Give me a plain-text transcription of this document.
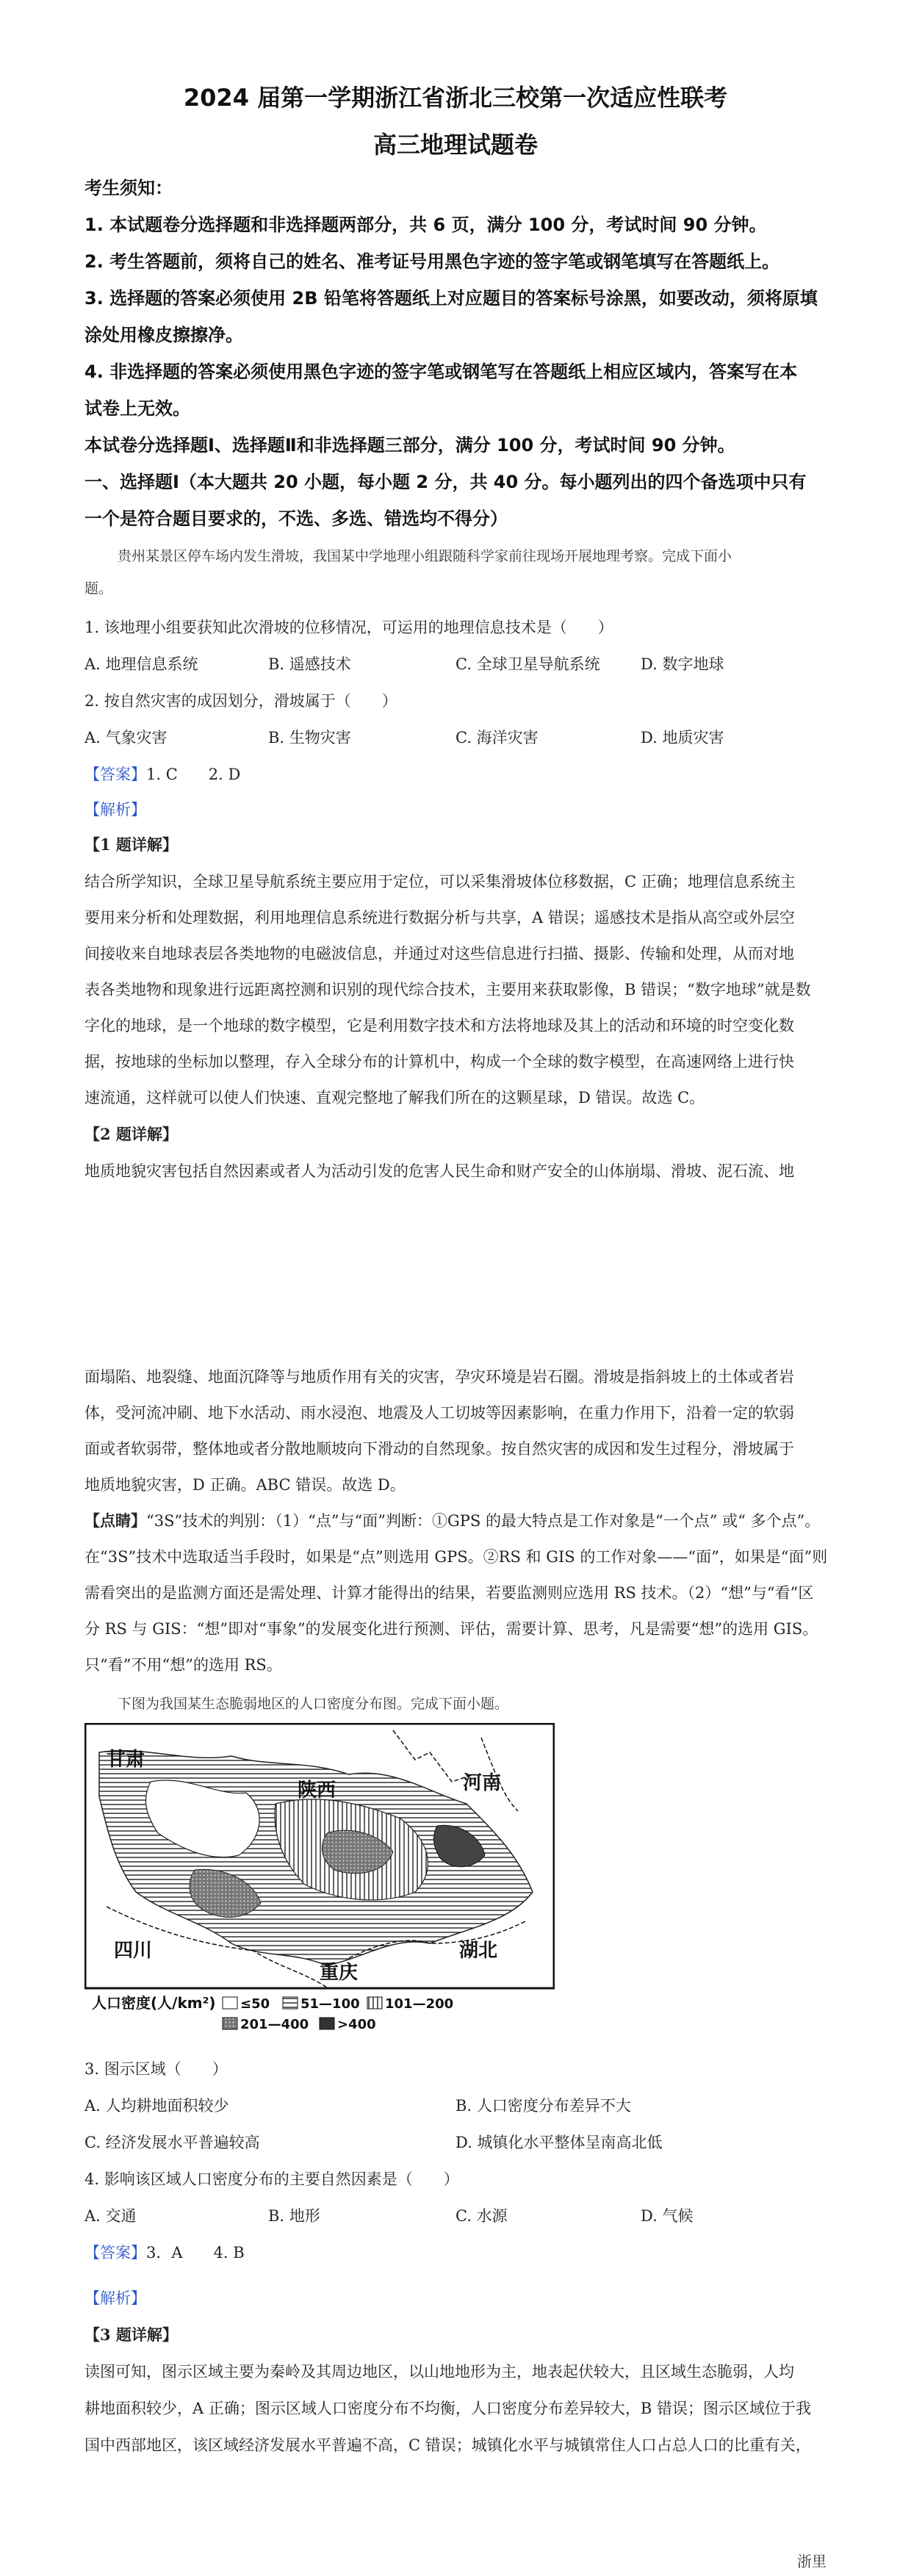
2024 届第一学期浙江省浙北三校第一次适应性联考
高三地理试题卷
考生须知：
1. 本试题卷分选择题和非选择题两部分，共 6 页，满分 100 分，考试时间 90 分钟。
2. 考生答题前，须将自己的姓名、准考证号用黑色字迹的签字笔或钢笔填写在答题纸上。
3. 选择题的答案必须使用 2B 铅笔将答题纸上对应题目的答案标号涂黑，如要改动，须将原填
涂处用橡皮擦擦净。
4. 非选择题的答案必须使用黑色字迹的签字笔或钢笔写在答题纸上相应区域内，答案写在本
试卷上无效。
本试卷分选择题Ⅰ、选择题Ⅱ和非选择题三部分，满分 100 分，考试时间 90 分钟。
一、选择题Ⅰ（本大题共 20 小题，每小题 2 分，共 40 分。每小题列出的四个备选项中只有
一个是符合题目要求的，不选、多选、错选均不得分）
贵州某景区停车场内发生滑坡，我国某中学地理小组跟随科学家前往现场开展地理考察。完成下面小
题。
1. 该地理小组要获知此次滑坡的位移情况，可运用的地理信息技术是（　　）
A. 地理信息系统	B. 遥感技术	C. 全球卫星导航系统	D. 数字地球
2. 按自然灾害的成因划分，滑坡属于（　　）
A. 气象灾害	B. 生物灾害	C. 海洋灾害	D. 地质灾害
【答案】1. C　　2. D
【解析】
【1 题详解】
结合所学知识，全球卫星导航系统主要应用于定位，可以采集滑坡体位移数据，C 正确；地理信息系统主
要用来分析和处理数据，利用地理信息系统进行数据分析与共享，A 错误；遥感技术是指从高空或外层空
间接收来自地球表层各类地物的电磁波信息，并通过对这些信息进行扫描、摄影、传输和处理，从而对地
表各类地物和现象进行远距离控测和识别的现代综合技术，主要用来获取影像，B 错误；“数字地球”就是数
字化的地球，是一个地球的数字模型，它是利用数字技术和方法将地球及其上的活动和环境的时空变化数
据，按地球的坐标加以整理，存入全球分布的计算机中，构成一个全球的数字模型，在高速网络上进行快
速流通，这样就可以使人们快速、直观完整地了解我们所在的这颗星球，D 错误。故选 C。
【2 题详解】
地质地貌灾害包括自然因素或者人为活动引发的危害人民生命和财产安全的山体崩塌、滑坡、泥石流、地
面塌陷、地裂缝、地面沉降等与地质作用有关的灾害，孕灾环境是岩石圈。滑坡是指斜坡上的土体或者岩
体，受河流冲刷、地下水活动、雨水浸泡、地震及人工切坡等因素影响，在重力作用下，沿着一定的软弱
面或者软弱带，整体地或者分散地顺坡向下滑动的自然现象。按自然灾害的成因和发生过程分，滑坡属于
地质地貌灾害，D 正确。ABC 错误。故选 D。
【点睛】“3S”技术的判别：（1）“点”与“面”判断：①GPS 的最大特点是工作对象是“一个点” 或“ 多个点”。
在“3S”技术中选取适当手段时，如果是“点”则选用 GPS。②RS 和 GIS 的工作对象——“面”，如果是“面”则
需看突出的是监测方面还是需处理、计算才能得出的结果，若要监测则应选用 RS 技术。（2）“想”与“看”区
分 RS 与 GIS：“想”即对“事象”的发展变化进行预测、评估，需要计算、思考，凡是需要“想”的选用 GIS。
只“看”不用“想”的选用 RS。
下图为我国某生态脆弱地区的人口密度分布图。完成下面小题。
甘肃
陕西	河南
四川
重庆
湖北
人口密度(人/km²) ≤50 51—100 101—200
201—400 >400
3. 图示区域（　　）
A. 人均耕地面积较少	B. 人口密度分布差异不大
C. 经济发展水平普遍较高	D. 城镇化水平整体呈南高北低
4. 影响该区域人口密度分布的主要自然因素是（　　）
A. 交通	B. 地形	C. 水源	D. 气候
【答案】3．A　　4. B
【解析】
【3 题详解】
读图可知，图示区域主要为秦岭及其周边地区，以山地地形为主，地表起伏较大，且区域生态脆弱，人均
耕地面积较少，A 正确；图示区域人口密度分布不均衡，人口密度分布差异较大，B 错误；图示区域位于我
国中西部地区，该区域经济发展水平普遍不高，C 错误；城镇化水平与城镇常住人口占总人口的比重有关，
浙里
